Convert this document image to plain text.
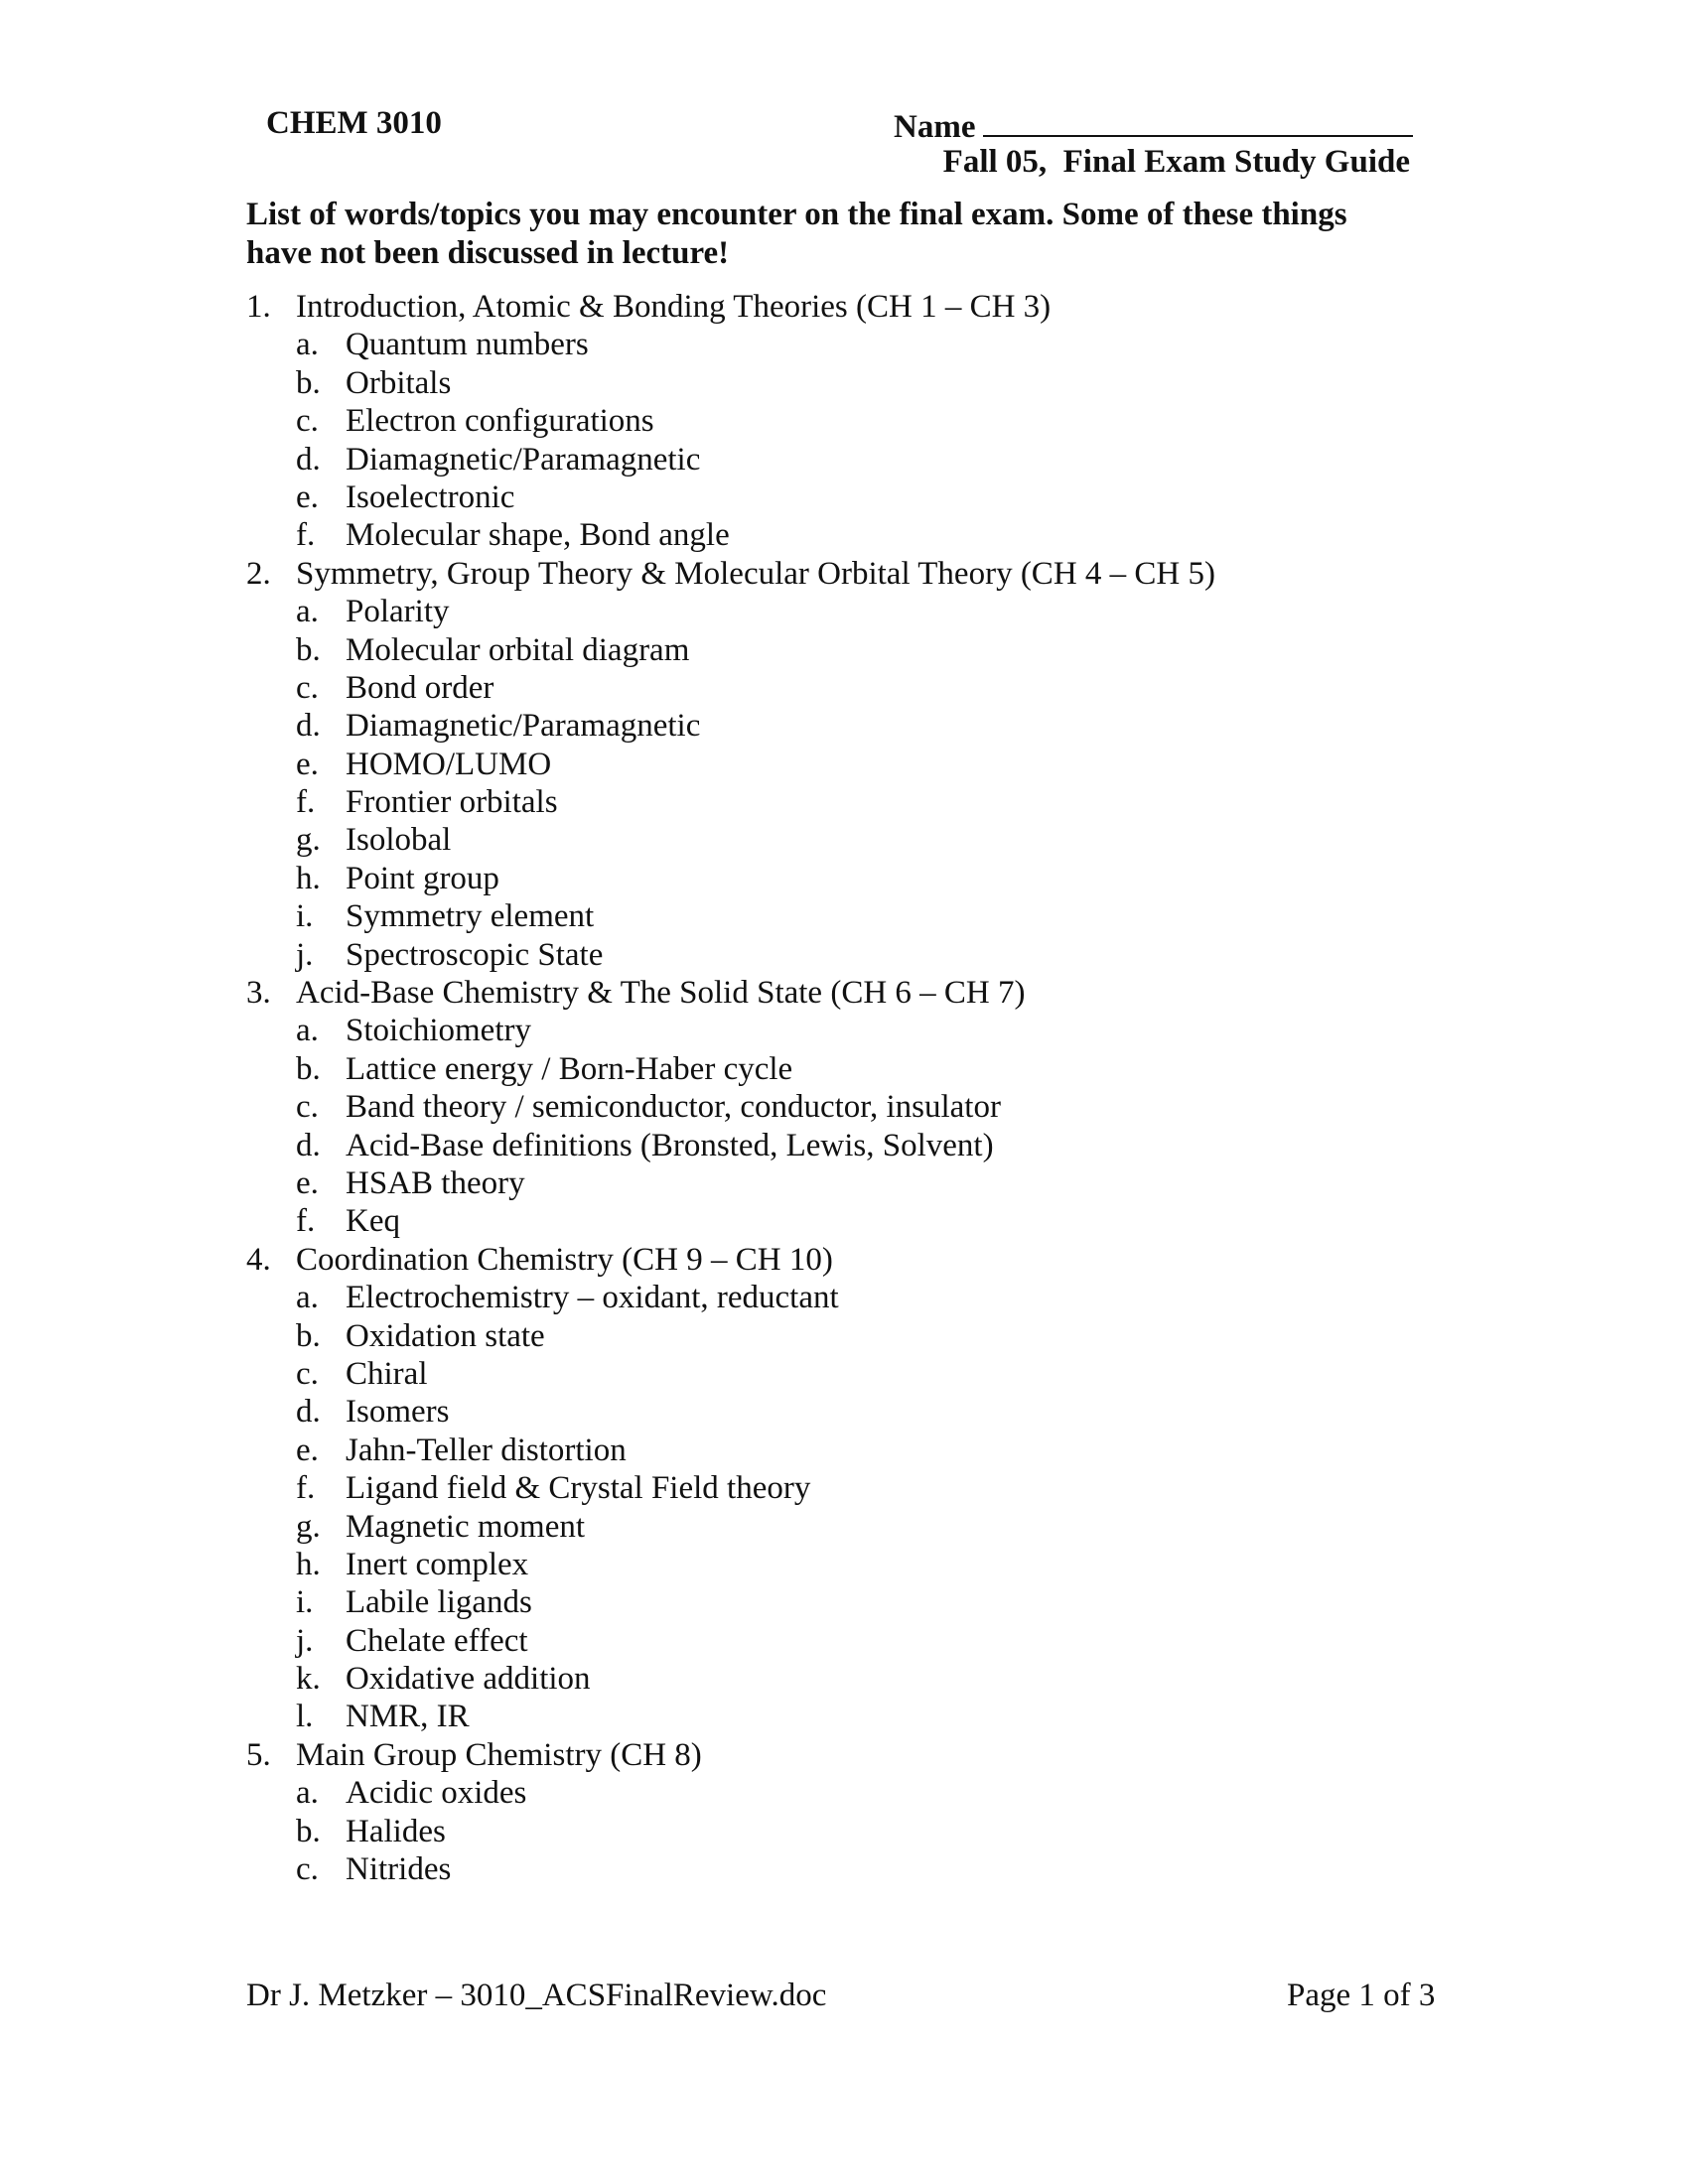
CHEM 3010	Name
Fall 05,  Final Exam Study Guide
List of words/topics you may encounter on the final exam. Some of these things have not been discussed in lecture!
1. Introduction, Atomic & Bonding Theories (CH 1 – CH 3)
a. Quantum numbers
b. Orbitals
c. Electron configurations
d. Diamagnetic/Paramagnetic
e. Isoelectronic
f. Molecular shape, Bond angle
2. Symmetry, Group Theory & Molecular Orbital Theory (CH 4 – CH 5)
a. Polarity
b. Molecular orbital diagram
c. Bond order
d. Diamagnetic/Paramagnetic
e. HOMO/LUMO
f. Frontier orbitals
g. Isolobal
h. Point group
i. Symmetry element
j. Spectroscopic State
3. Acid-Base Chemistry & The Solid State (CH 6 – CH 7)
a. Stoichiometry
b. Lattice energy / Born-Haber cycle
c. Band theory / semiconductor, conductor, insulator
d. Acid-Base definitions (Bronsted, Lewis, Solvent)
e. HSAB theory
f. Keq
4. Coordination Chemistry (CH 9 – CH 10)
a. Electrochemistry – oxidant, reductant
b. Oxidation state
c. Chiral
d. Isomers
e. Jahn-Teller distortion
f. Ligand field & Crystal Field theory
g. Magnetic moment
h. Inert complex
i. Labile ligands
j. Chelate effect
k. Oxidative addition
l. NMR, IR
5. Main Group Chemistry (CH 8)
a. Acidic oxides
b. Halides
c. Nitrides
Dr J. Metzker – 3010_ACSFinalReview.doc	Page 1 of 3
